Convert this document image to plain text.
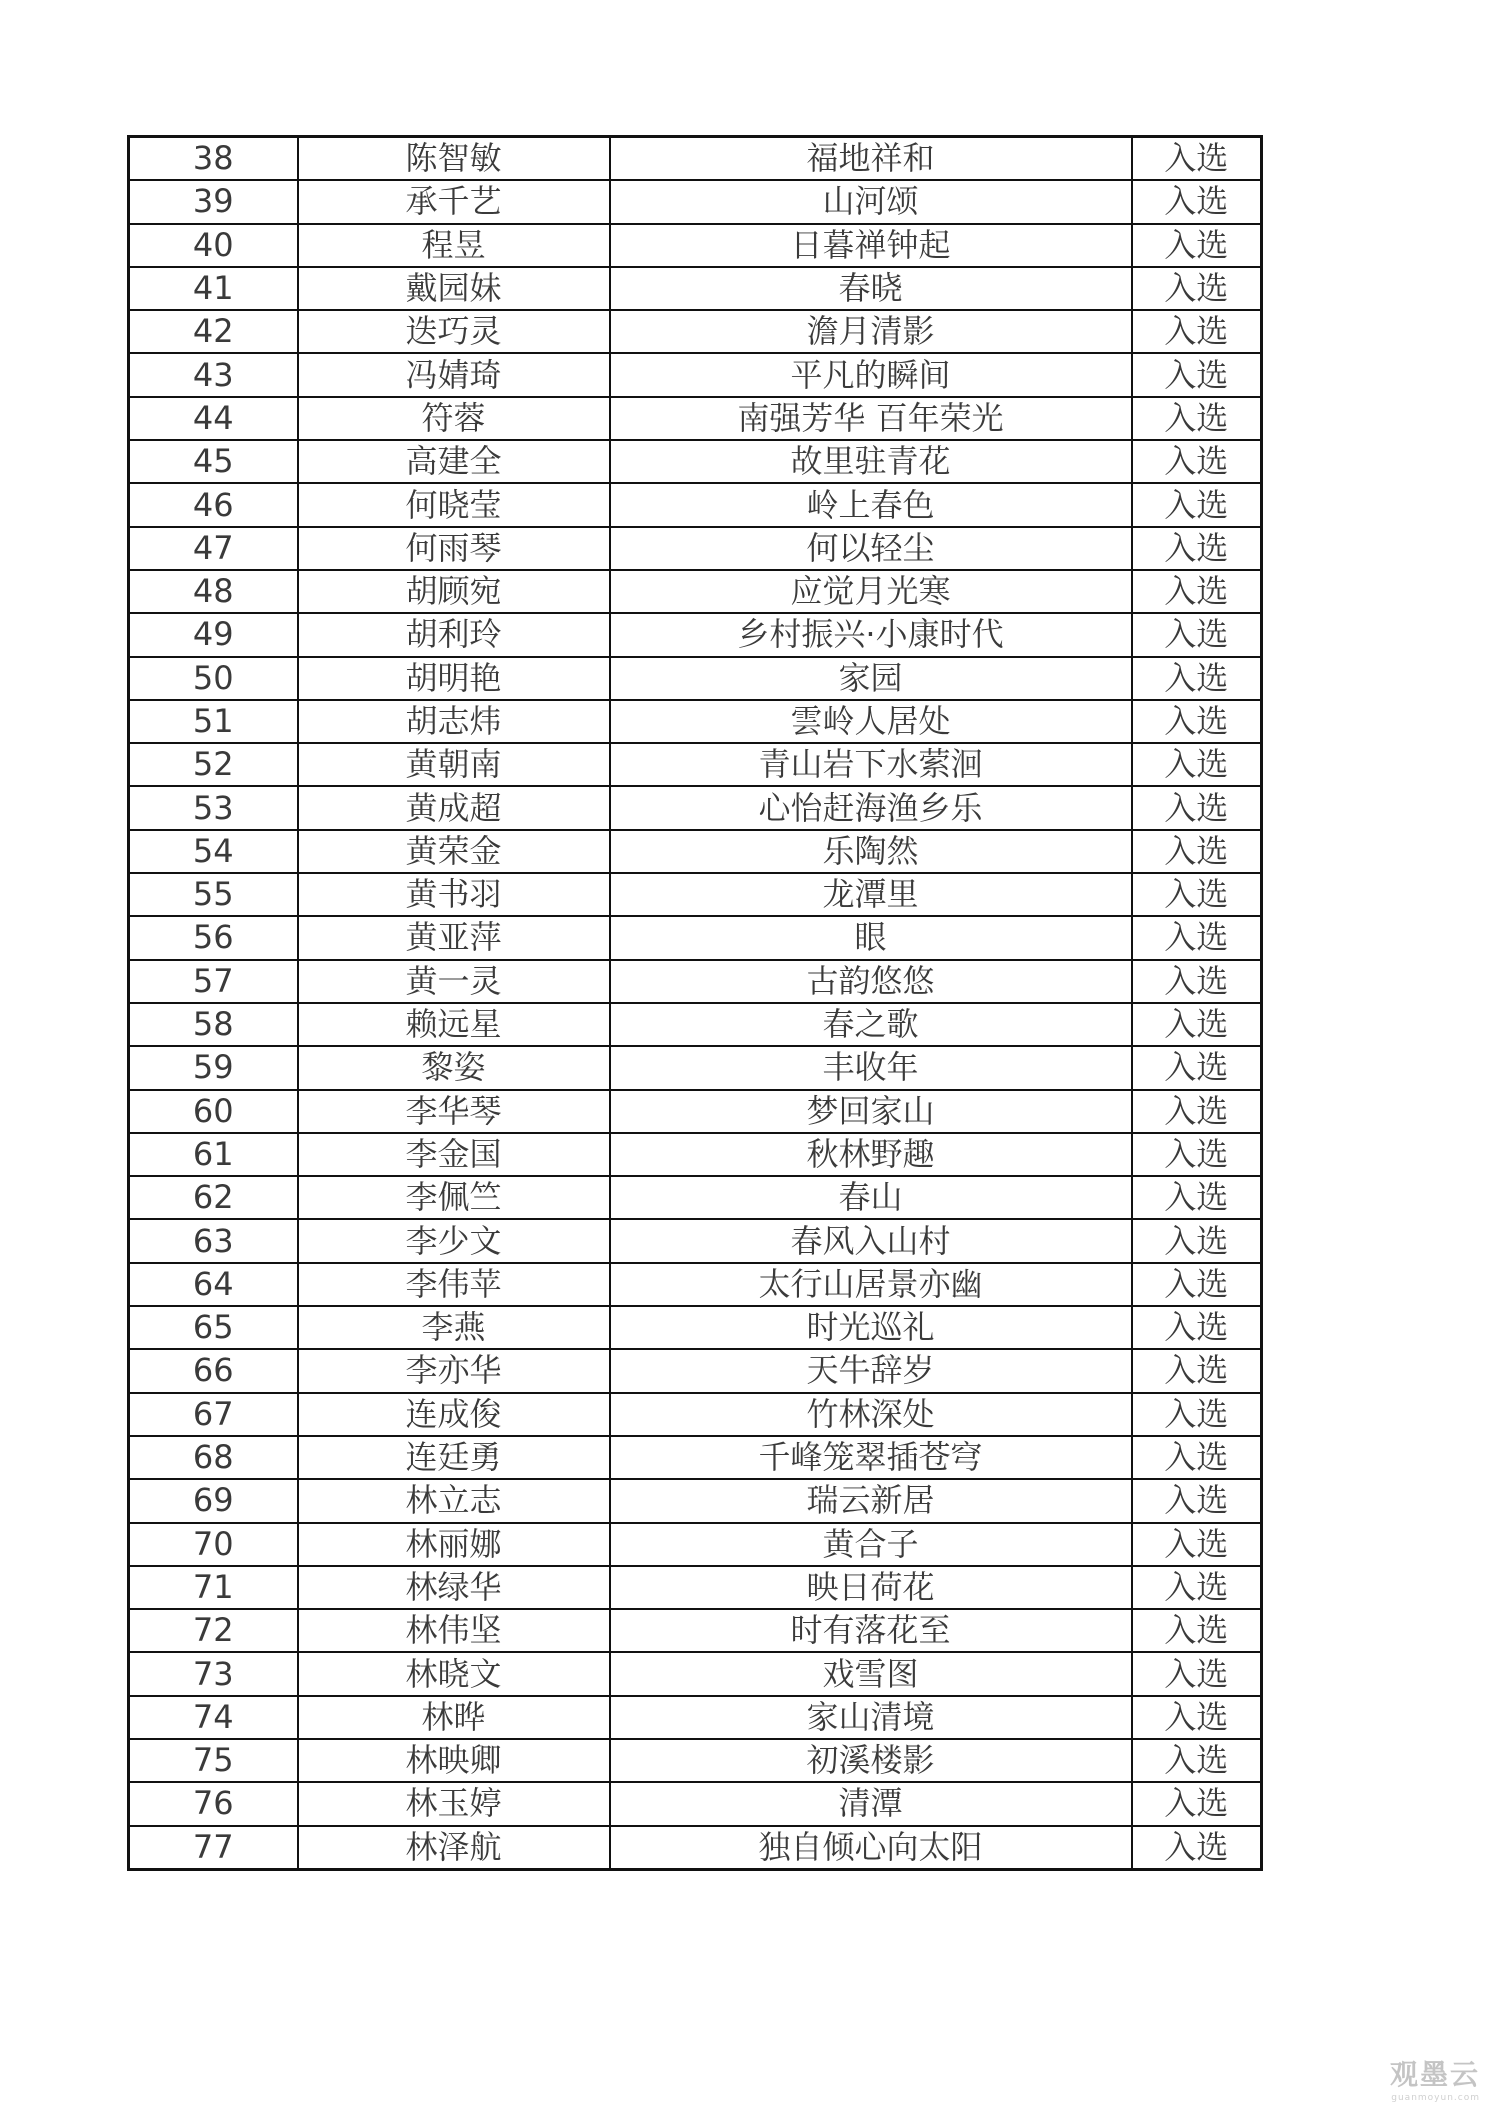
38	陈智敏	福地祥和	入选
39	承千艺	山河颂	入选
40	程昱	日暮禅钟起	入选
41	戴园妹	春晓	入选
42	迭巧灵	澹月清影	入选
43	冯婧琦	平凡的瞬间	入选
44	符蓉	南强芳华 百年荣光	入选
45	高建全	故里驻青花	入选
46	何晓莹	岭上春色	入选
47	何雨琴	何以轻尘	入选
48	胡顾宛	应觉月光寒	入选
49	胡利玲	乡村振兴·小康时代	入选
50	胡明艳	家园	入选
51	胡志炜	雲岭人居处	入选
52	黄朝南	青山岩下水萦洄	入选
53	黄成超	心怡赶海渔乡乐	入选
54	黄荣金	乐陶然	入选
55	黄书羽	龙潭里	入选
56	黄亚萍	眼	入选
57	黄一灵	古韵悠悠	入选
58	赖远星	春之歌	入选
59	黎姿	丰收年	入选
60	李华琴	梦回家山	入选
61	李金国	秋林野趣	入选
62	李佩竺	春山	入选
63	李少文	春风入山村	入选
64	李伟苹	太行山居景亦幽	入选
65	李燕	时光巡礼	入选
66	李亦华	天牛辞岁	入选
67	连成俊	竹林深处	入选
68	连廷勇	千峰笼翠插苍穹	入选
69	林立志	瑞云新居	入选
70	林丽娜	黄合子	入选
71	林绿华	映日荷花	入选
72	林伟坚	时有落花至	入选
73	林晓文	戏雪图	入选
74	林晔	家山清境	入选
75	林映卿	初溪楼影	入选
76	林玉婷	清潭	入选
77	林泽航	独自倾心向太阳	入选
观墨云
guanmoyun.com
